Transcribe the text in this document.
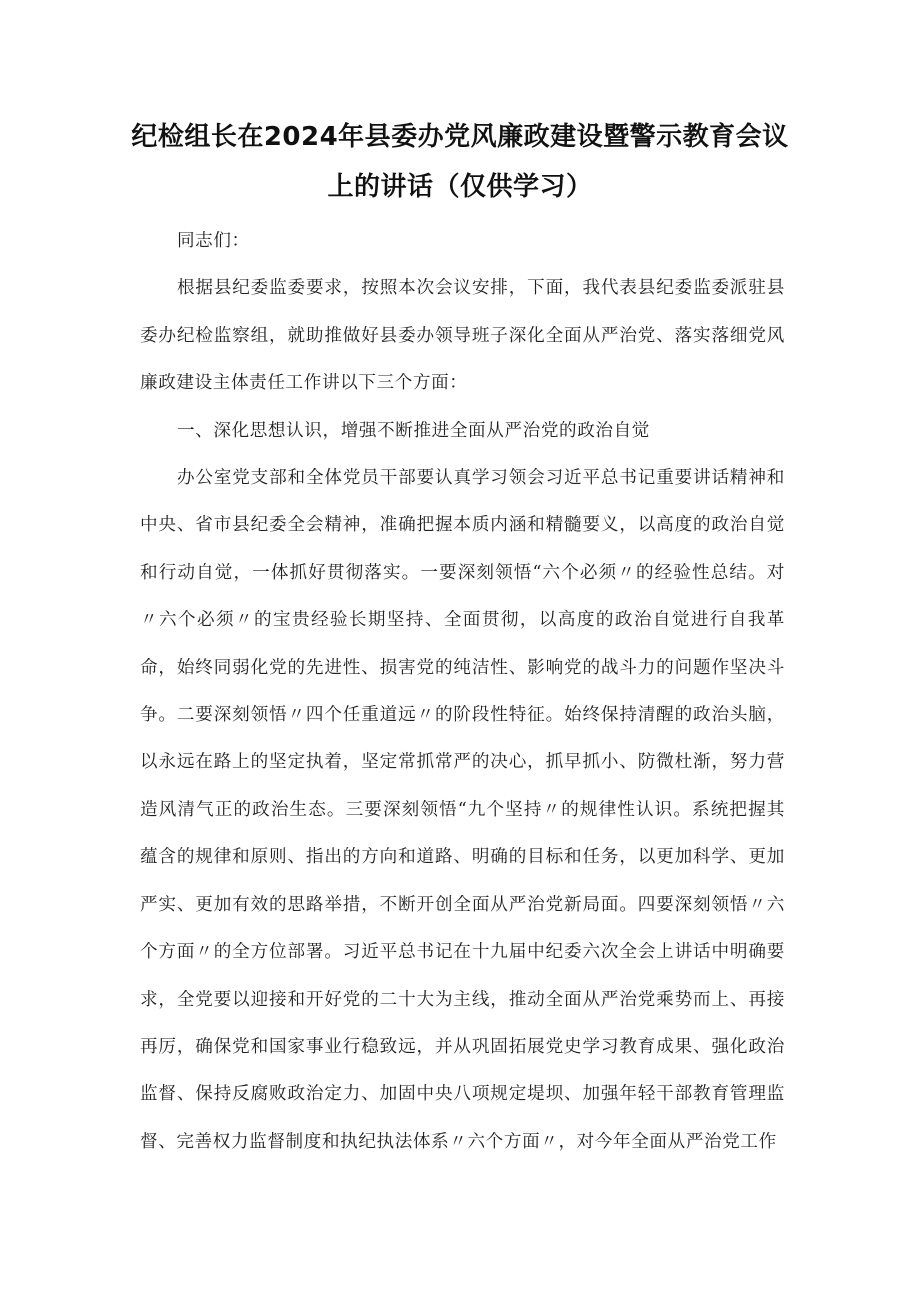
纪检组长在2024年县委办党风廉政建设暨警示教育会议上的讲话（仅供学习）

同志们：

根据县纪委监委要求，按照本次会议安排，下面，我代表县纪委监委派驻县委办纪检监察组，就助推做好县委办领导班子深化全面从严治党、落实落细党风廉政建设主体责任工作讲以下三个方面：

一、深化思想认识，增强不断推进全面从严治党的政治自觉

办公室党支部和全体党员干部要认真学习领会习近平总书记重要讲话精神和中央、省市县纪委全会精神，准确把握本质内涵和精髓要义，以高度的政治自觉和行动自觉，一体抓好贯彻落实。一要深刻领悟“六个必须〃的经验性总结。对〃六个必须〃的宝贵经验长期坚持、全面贯彻，以高度的政治自觉进行自我革命，始终同弱化党的先进性、损害党的纯洁性、影响党的战斗力的问题作坚决斗争。二要深刻领悟〃四个任重道远〃的阶段性特征。始终保持清醒的政治头脑，以永远在路上的坚定执着，坚定常抓常严的决心，抓早抓小、防微杜渐，努力营造风清气正的政治生态。三要深刻领悟“九个坚持〃的规律性认识。系统把握其蕴含的规律和原则、指出的方向和道路、明确的目标和任务，以更加科学、更加严实、更加有效的思路举措，不断开创全面从严治党新局面。四要深刻领悟〃六个方面〃的全方位部署。习近平总书记在十九届中纪委六次全会上讲话中明确要求，全党要以迎接和开好党的二十大为主线，推动全面从严治党乘势而上、再接再厉，确保党和国家事业行稳致远，并从巩固拓展党史学习教育成果、强化政治监督、保持反腐败政治定力、加固中央八项规定堤坝、加强年轻干部教育管理监督、完善权力监督制度和执纪执法体系〃六个方面〃，对今年全面从严治党工作
